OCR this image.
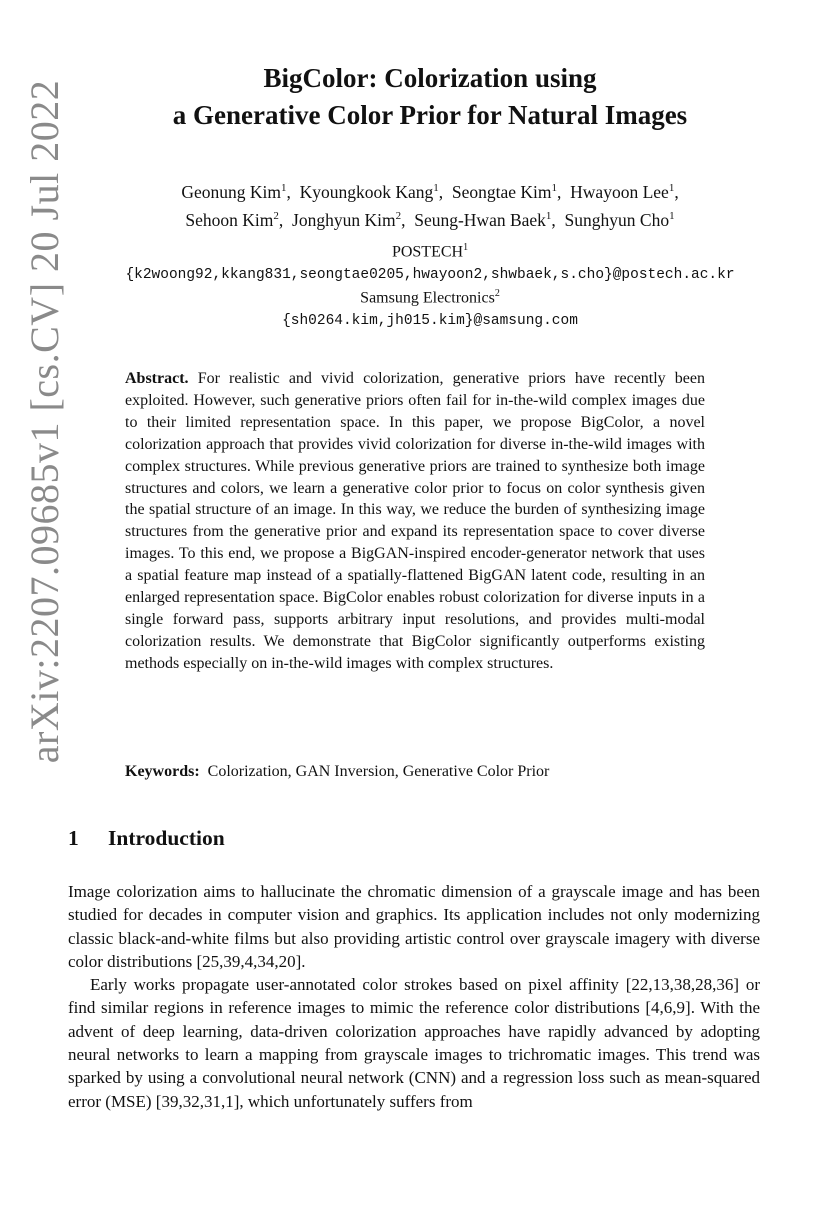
arXiv:2207.09685v1 [cs.CV] 20 Jul 2022
BigColor: Colorization using
a Generative Color Prior for Natural Images
Geonung Kim$^1$,  Kyoungkook Kang$^1$,  Seongtae Kim$^1$,  Hwayoon Lee$^1$,
Sehoon Kim$^2$,  Jonghyun Kim$^2$,  Seung-Hwan Baek$^1$,  Sunghyun Cho$^1$
POSTECH$^1$
{k2woong92,kkang831,seongtae0205,hwayoon2,shwbaek,s.cho}@postech.ac.kr
Samsung Electronics$^2$
{sh0264.kim,jh015.kim}@samsung.com
Abstract. For realistic and vivid colorization, generative priors have recently been exploited. However, such generative priors often fail for in-the-wild complex images due to their limited representation space. In this paper, we propose BigColor, a novel colorization approach that provides vivid colorization for diverse in-the-wild images with complex structures. While previous generative priors are trained to synthesize both image structures and colors, we learn a generative color prior to focus on color synthesis given the spatial structure of an image. In this way, we reduce the burden of synthesizing image structures from the generative prior and expand its representation space to cover diverse images. To this end, we propose a BigGAN-inspired encoder-generator network that uses a spatial feature map instead of a spatially-flattened BigGAN latent code, resulting in an enlarged representation space. BigColor enables robust colorization for diverse inputs in a single forward pass, supports arbitrary input resolutions, and provides multi-modal colorization results. We demonstrate that BigColor significantly outperforms existing methods especially on in-the-wild images with complex structures.
Keywords: Colorization, GAN Inversion, Generative Color Prior
1 Introduction

Image colorization aims to hallucinate the chromatic dimension of a grayscale image and has been studied for decades in computer vision and graphics. Its application includes not only modernizing classic black-and-white films but also providing artistic control over grayscale imagery with diverse color distributions [25,39,4,34,20].

Early works propagate user-annotated color strokes based on pixel affinity [22,13,38,28,36] or find similar regions in reference images to mimic the reference color distributions [4,6,9]. With the advent of deep learning, data-driven colorization approaches have rapidly advanced by adopting neural networks to learn a mapping from grayscale images to trichromatic images. This trend was sparked by using a convolutional neural network (CNN) and a regression loss such as mean-squared error (MSE) [39,32,31,1], which unfortunately suffers from
